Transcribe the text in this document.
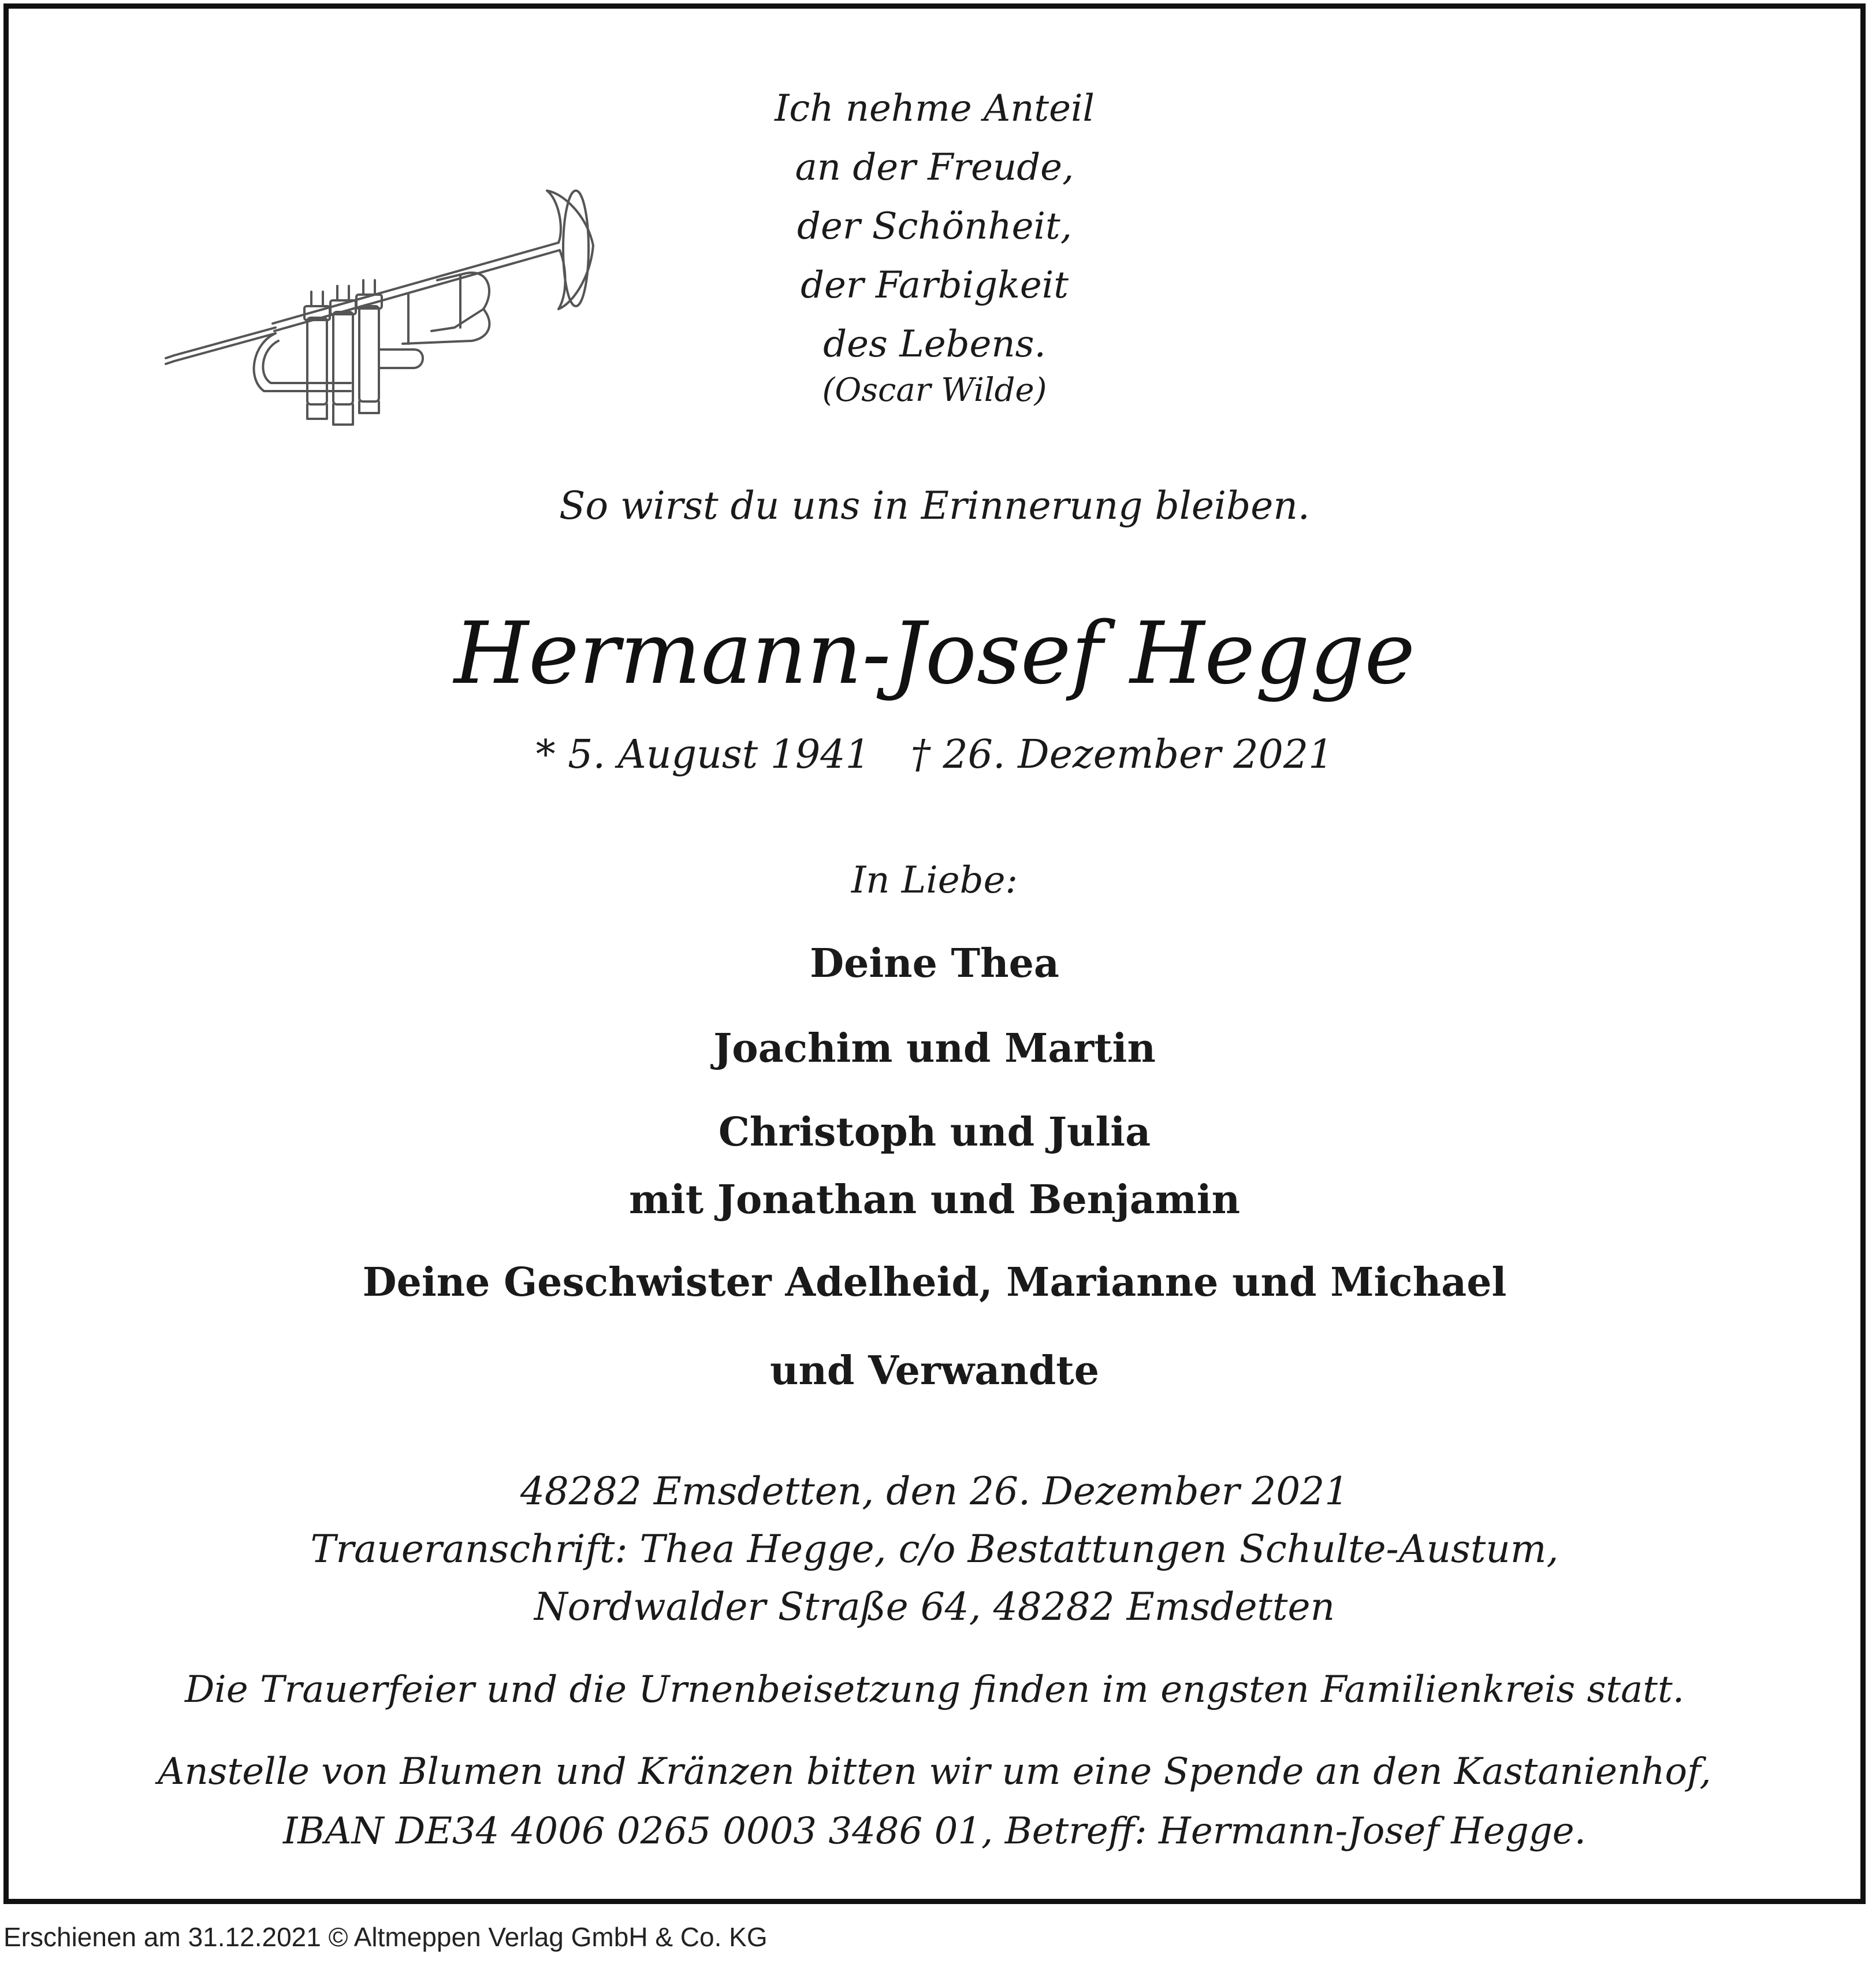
Ich nehme Anteil
an der Freude,
der Schönheit,
der Farbigkeit
des Lebens.
(Oscar Wilde)
So wirst du uns in Erinnerung bleiben.
Hermann-Josef Hegge
* 5. August 1941 † 26. Dezember 2021
In Liebe:
Deine Thea
Joachim und Martin
Christoph und Julia
mit Jonathan und Benjamin
Deine Geschwister Adelheid, Marianne und Michael
und Verwandte
48282 Emsdetten, den 26. Dezember 2021
Traueranschrift: Thea Hegge, c/o Bestattungen Schulte-Austum,
Nordwalder Straße 64, 48282 Emsdetten
Die Trauerfeier und die Urnenbeisetzung finden im engsten Familienkreis statt.
Anstelle von Blumen und Kränzen bitten wir um eine Spende an den Kastanienhof,
IBAN DE34 4006 0265 0003 3486 01, Betreff: Hermann-Josef Hegge.
Erschienen am 31.12.2021 © Altmeppen Verlag GmbH & Co. KG
